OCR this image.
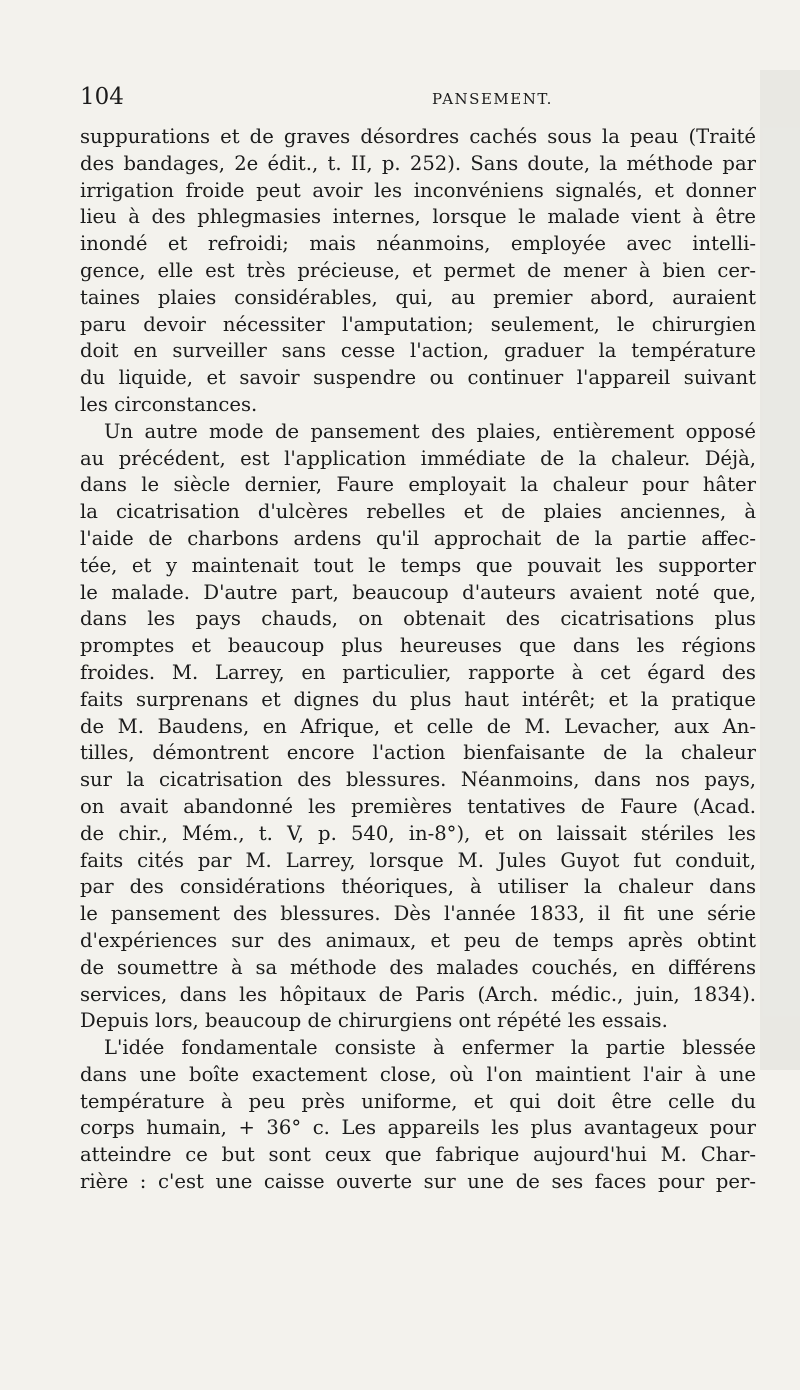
104	PANSEMENT.
suppurations et de graves désordres cachés sous la peau (Traité
des bandages, 2e édit., t. II, p. 252). Sans doute, la méthode par
irrigation froide peut avoir les inconvéniens signalés, et donner
lieu à des phlegmasies internes, lorsque le malade vient à être
inondé et refroidi; mais néanmoins, employée avec intelli-
gence, elle est très précieuse, et permet de mener à bien cer-
taines plaies considérables, qui, au premier abord, auraient
paru devoir nécessiter l'amputation; seulement, le chirurgien
doit en surveiller sans cesse l'action, graduer la température
du liquide, et savoir suspendre ou continuer l'appareil suivant
les circonstances.
Un autre mode de pansement des plaies, entièrement opposé
au précédent, est l'application immédiate de la chaleur. Déjà,
dans le siècle dernier, Faure employait la chaleur pour hâter
la cicatrisation d'ulcères rebelles et de plaies anciennes, à
l'aide de charbons ardens qu'il approchait de la partie affec-
tée, et y maintenait tout le temps que pouvait les supporter
le malade. D'autre part, beaucoup d'auteurs avaient noté que,
dans les pays chauds, on obtenait des cicatrisations plus
promptes et beaucoup plus heureuses que dans les régions
froides. M. Larrey, en particulier, rapporte à cet égard des
faits surprenans et dignes du plus haut intérêt; et la pratique
de M. Baudens, en Afrique, et celle de M. Levacher, aux An-
tilles, démontrent encore l'action bienfaisante de la chaleur
sur la cicatrisation des blessures. Néanmoins, dans nos pays,
on avait abandonné les premières tentatives de Faure (Acad.
de chir., Mém., t. V, p. 540, in-8°), et on laissait stériles les
faits cités par M. Larrey, lorsque M. Jules Guyot fut conduit,
par des considérations théoriques, à utiliser la chaleur dans
le pansement des blessures. Dès l'année 1833, il fit une série
d'expériences sur des animaux, et peu de temps après obtint
de soumettre à sa méthode des malades couchés, en différens
services, dans les hôpitaux de Paris (Arch. médic., juin, 1834).
Depuis lors, beaucoup de chirurgiens ont répété les essais.
L'idée fondamentale consiste à enfermer la partie blessée
dans une boîte exactement close, où l'on maintient l'air à une
température à peu près uniforme, et qui doit être celle du
corps humain, + 36° c. Les appareils les plus avantageux pour
atteindre ce but sont ceux que fabrique aujourd'hui M. Char-
rière : c'est une caisse ouverte sur une de ses faces pour per-
